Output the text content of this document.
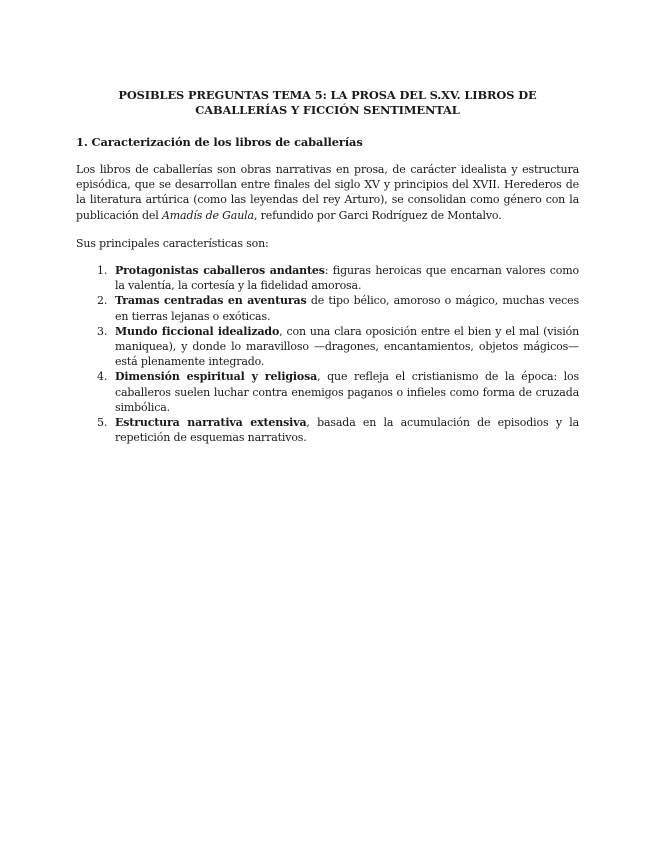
POSIBLES PREGUNTAS TEMA 5: LA PROSA DEL S.XV. LIBROS DE
CABALLERÍAS Y FICCIÓN SENTIMENTAL
1. Caracterización de los libros de caballerías

Los libros de caballerías son obras narrativas en prosa, de carácter idealista y estructura episódica, que se desarrollan entre finales del siglo XV y principios del XVII. Herederos de la literatura artúrica (como las leyendas del rey Arturo), se consolidan como género con la publicación del Amadís de Gaula, refundido por Garci Rodríguez de Montalvo.

Sus principales características son:

1. Protagonistas caballeros andantes: figuras heroicas que encarnan valores como la valentía, la cortesía y la fidelidad amorosa.
2. Tramas centradas en aventuras de tipo bélico, amoroso o mágico, muchas veces en tierras lejanas o exóticas.
3. Mundo ficcional idealizado, con una clara oposición entre el bien y el mal (visión maniquea), y donde lo maravilloso —dragones, encantamientos, objetos mágicos— está plenamente integrado.
4. Dimensión espiritual y religiosa, que refleja el cristianismo de la época: los caballeros suelen luchar contra enemigos paganos o infieles como forma de cruzada simbólica.
5. Estructura narrativa extensiva, basada en la acumulación de episodios y la repetición de esquemas narrativos.
